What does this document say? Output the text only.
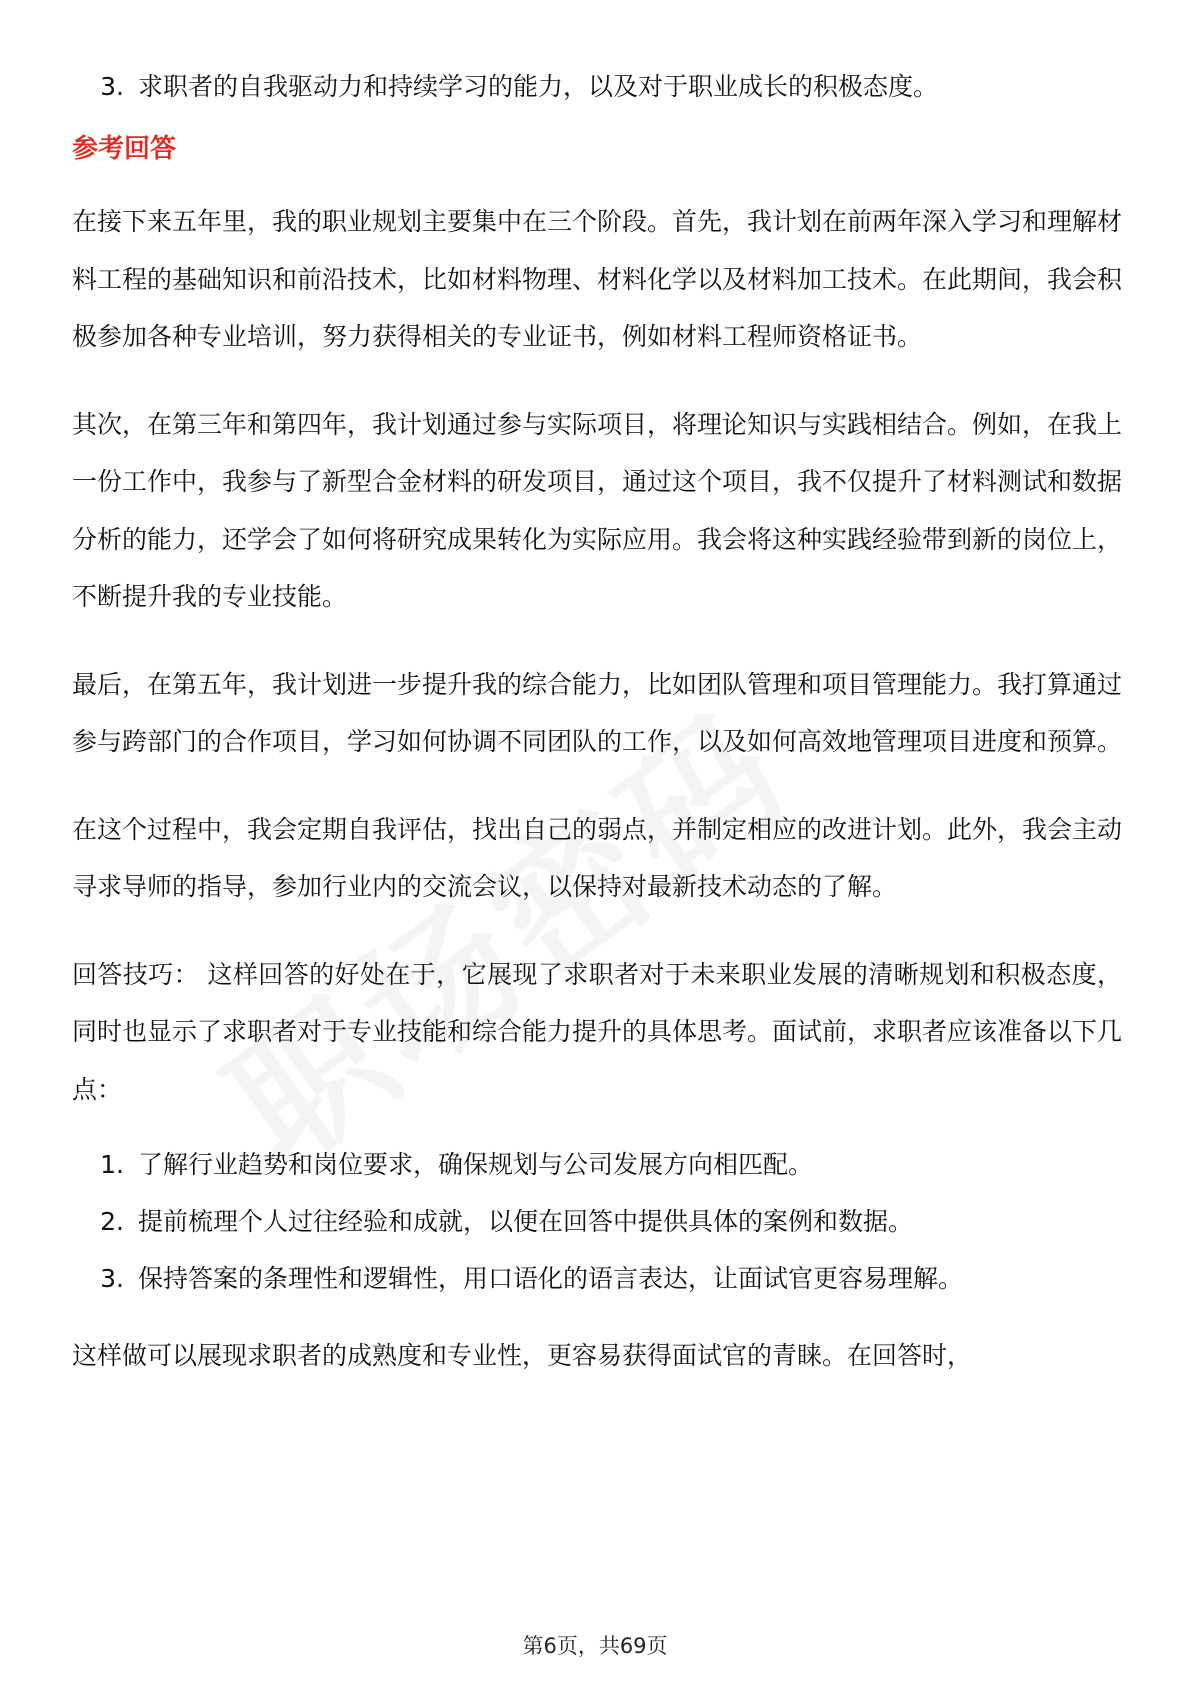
3. 求职者的自我驱动力和持续学习的能力，以及对于职业成长的积极态度。
参考回答

在接下来五年里，我的职业规划主要集中在三个阶段。首先，我计划在前两年深入学习和理解材料工程的基础知识和前沿技术，比如材料物理、材料化学以及材料加工技术。在此期间，我会积极参加各种专业培训，努力获得相关的专业证书，例如材料工程师资格证书。

其次，在第三年和第四年，我计划通过参与实际项目，将理论知识与实践相结合。例如，在我上一份工作中，我参与了新型合金材料的研发项目，通过这个项目，我不仅提升了材料测试和数据分析的能力，还学会了如何将研究成果转化为实际应用。我会将这种实践经验带到新的岗位上，不断提升我的专业技能。

最后，在第五年，我计划进一步提升我的综合能力，比如团队管理和项目管理能力。我打算通过参与跨部门的合作项目，学习如何协调不同团队的工作，以及如何高效地管理项目进度和预算。

在这个过程中，我会定期自我评估，找出自己的弱点，并制定相应的改进计划。此外，我会主动寻求导师的指导，参加行业内的交流会议，以保持对最新技术动态的了解。

回答技巧： 这样回答的好处在于，它展现了求职者对于未来职业发展的清晰规划和积极态度，同时也显示了求职者对于专业技能和综合能力提升的具体思考。面试前，求职者应该准备以下几点：

1. 了解行业趋势和岗位要求，确保规划与公司发展方向相匹配。
2. 提前梳理个人过往经验和成就，以便在回答中提供具体的案例和数据。
3. 保持答案的条理性和逻辑性，用口语化的语言表达，让面试官更容易理解。

这样做可以展现求职者的成熟度和专业性，更容易获得面试官的青睐。在回答时，

第6页，共69页
